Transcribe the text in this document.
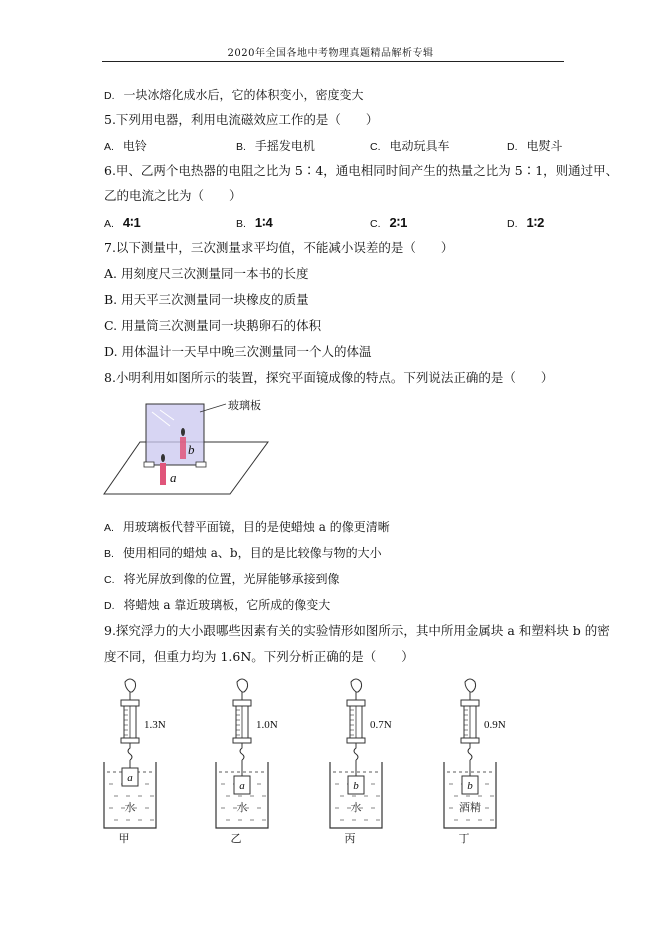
2020年全国各地中考物理真题精品解析专辑
D. 一块冰熔化成水后，它的体积变小，密度变大
5.下列用电器，利用电流磁效应工作的是（　　）
A. 电铃	B. 手摇发电机	C. 电动玩具车	D. 电熨斗
6.甲、乙两个电热器的电阻之比为 5∶4，通电相同时间产生的热量之比为 5∶1，则通过甲、
乙的电流之比为（　　）
A. 4∶1	B. 1∶4	C. 2∶1	D. 1∶2
7.以下测量中，三次测量求平均值，不能减小误差的是（　　）
A. 用刻度尺三次测量同一本书的长度
B. 用天平三次测量同一块橡皮的质量
C. 用量筒三次测量同一块鹅卵石的体积
D. 用体温计一天早中晚三次测量同一个人的体温
8.小明利用如图所示的装置，探究平面镜成像的特点。下列说法正确的是（　　）
b
a
玻璃板
A. 用玻璃板代替平面镜，目的是使蜡烛 a 的像更清晰
B. 使用相同的蜡烛 a、b，目的是比较像与物的大小
C. 将光屏放到像的位置，光屏能够承接到像
D. 将蜡烛 a 靠近玻璃板，它所成的像变大
9.探究浮力的大小跟哪些因素有关的实验情形如图所示，其中所用金属块 a 和塑料块 b 的密
度不同，但重力均为 1.6N。下列分析正确的是（　　）
1.3N
a
水
甲
1.0N
a
水
乙
0.7N
b
水
丙
0.9N
b
酒精
丁
